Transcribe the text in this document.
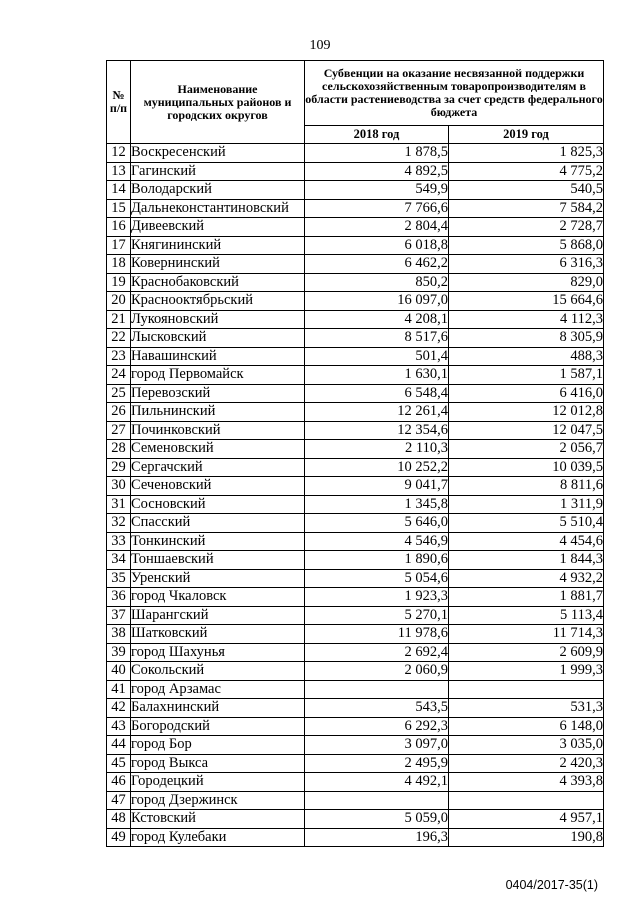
109
№ п/п	Наименование муниципальных районов и городских округов	Субвенции на оказание несвязанной поддержки сельскохозяйственным товаропроизводителям в области растениеводства за счет средств федерального бюджета	
		2018 год	2019 год
12	Воскресенский	1 878,5	1 825,3
13	Гагинский	4 892,5	4 775,2
14	Володарский	549,9	540,5
15	Дальнеконстантиновский	7 766,6	7 584,2
16	Дивеевский	2 804,4	2 728,7
17	Княгининский	6 018,8	5 868,0
18	Ковернинский	6 462,2	6 316,3
19	Краснобаковский	850,2	829,0
20	Краснооктябрьский	16 097,0	15 664,6
21	Лукояновский	4 208,1	4 112,3
22	Лысковский	8 517,6	8 305,9
23	Навашинский	501,4	488,3
24	город Первомайск	1 630,1	1 587,1
25	Перевозский	6 548,4	6 416,0
26	Пильнинский	12 261,4	12 012,8
27	Починковский	12 354,6	12 047,5
28	Семеновский	2 110,3	2 056,7
29	Сергачский	10 252,2	10 039,5
30	Сеченовский	9 041,7	8 811,6
31	Сосновский	1 345,8	1 311,9
32	Спасский	5 646,0	5 510,4
33	Тонкинский	4 546,9	4 454,6
34	Тоншаевский	1 890,6	1 844,3
35	Уренский	5 054,6	4 932,2
36	город Чкаловск	1 923,3	1 881,7
37	Шарангский	5 270,1	5 113,4
38	Шатковский	11 978,6	11 714,3
39	город Шахунья	2 692,4	2 609,9
40	Сокольский	2 060,9	1 999,3
41	город Арзамас		
42	Балахнинский	543,5	531,3
43	Богородский	6 292,3	6 148,0
44	город Бор	3 097,0	3 035,0
45	город Выкса	2 495,9	2 420,3
46	Городецкий	4 492,1	4 393,8
47	город Дзержинск		
48	Кстовский	5 059,0	4 957,1
49	город Кулебаки	196,3	190,8
0404/2017-35(1)
